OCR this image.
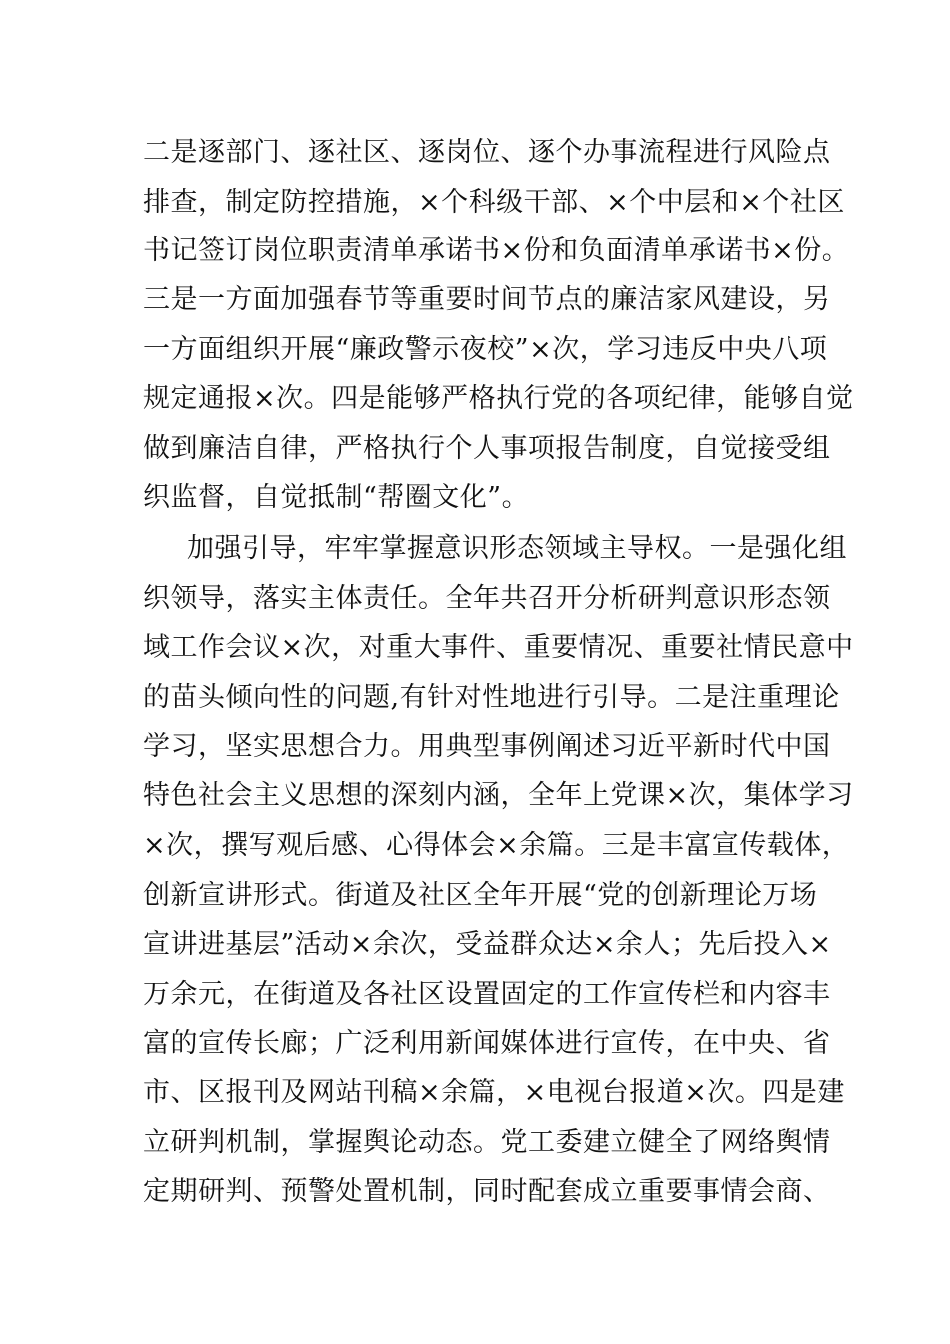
二是逐部门、逐社区、逐岗位、逐个办事流程进行风险点
排查，制定防控措施，×个科级干部、×个中层和×个社区
书记签订岗位职责清单承诺书×份和负面清单承诺书×份。
三是一方面加强春节等重要时间节点的廉洁家风建设，另
一方面组织开展“廉政警示夜校”×次，学习违反中央八项
规定通报×次。四是能够严格执行党的各项纪律，能够自觉
做到廉洁自律，严格执行个人事项报告制度，自觉接受组
织监督，自觉抵制“帮圈文化”。
加强引导，牢牢掌握意识形态领域主导权。一是强化组
织领导，落实主体责任。全年共召开分析研判意识形态领
域工作会议×次，对重大事件、重要情况、重要社情民意中
的苗头倾向性的问题,有针对性地进行引导。二是注重理论
学习，坚实思想合力。用典型事例阐述习近平新时代中国
特色社会主义思想的深刻内涵，全年上党课×次，集体学习
×次，撰写观后感、心得体会×余篇。三是丰富宣传载体，
创新宣讲形式。街道及社区全年开展“党的创新理论万场
宣讲进基层”活动×余次，受益群众达×余人；先后投入×
万余元，在街道及各社区设置固定的工作宣传栏和内容丰
富的宣传长廊；广泛利用新闻媒体进行宣传，在中央、省
市、区报刊及网站刊稿×余篇，×电视台报道×次。四是建
立研判机制，掌握舆论动态。党工委建立健全了网络舆情
定期研判、预警处置机制，同时配套成立重要事情会商、
